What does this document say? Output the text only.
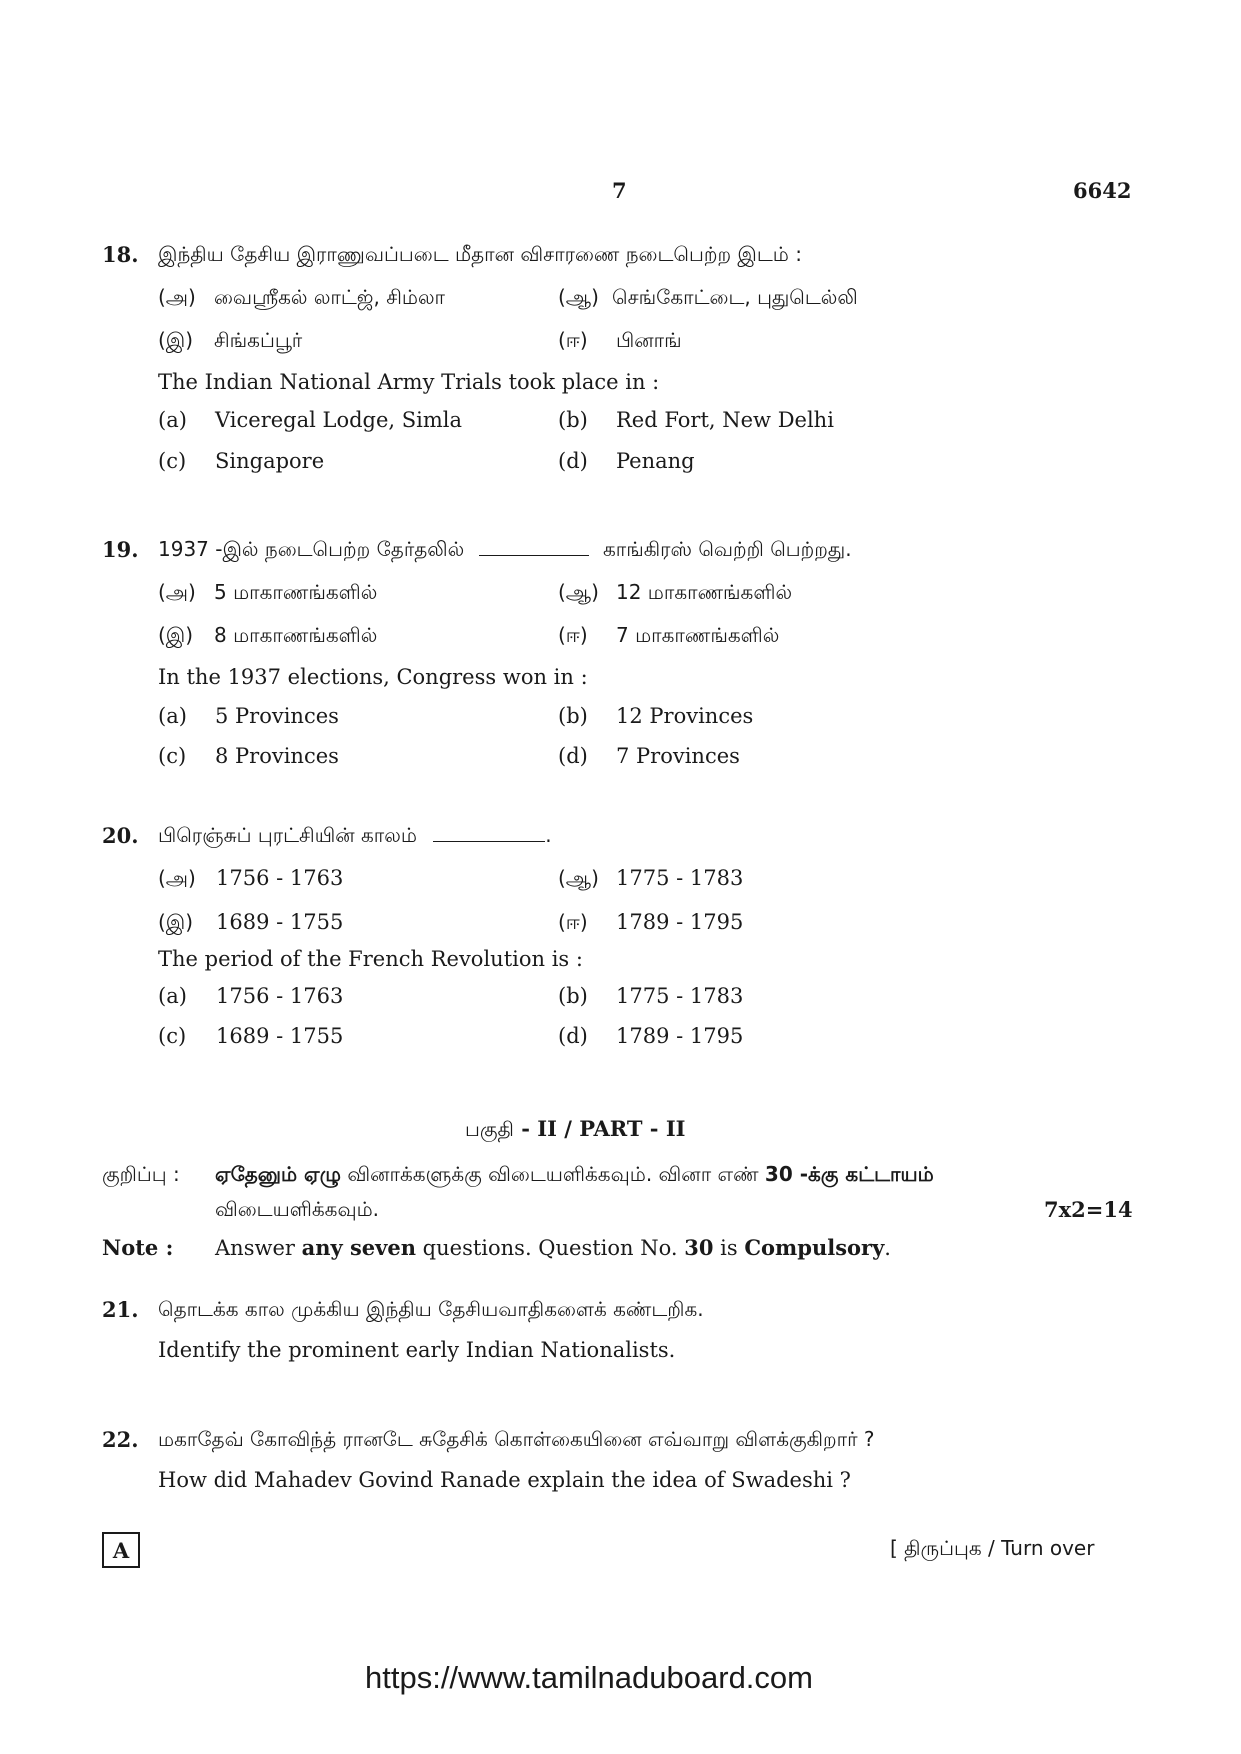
7	6642
18. இந்திய தேசிய இராணுவப்படை மீதான விசாரணை நடைபெற்ற இடம் :
(அ) வைஸ்ரீகல் லாட்ஜ், சிம்லா	(ஆ) செங்கோட்டை, புதுடெல்லி
(இ) சிங்கப்பூர்	(ஈ) பினாங்
The Indian National Army Trials took place in :
(a) Viceregal Lodge, Simla	(b) Red Fort, New Delhi
(c) Singapore	(d) Penang
19. 1937 -இல் நடைபெற்ற தேர்தலில்	காங்கிரஸ் வெற்றி பெற்றது.
(அ) 5 மாகாணங்களில்	(ஆ) 12 மாகாணங்களில்
(இ) 8 மாகாணங்களில்	(ஈ) 7 மாகாணங்களில்
In the 1937 elections, Congress won in :
(a) 5 Provinces	(b) 12 Provinces
(c) 8 Provinces	(d) 7 Provinces
20. பிரெஞ்சுப் புரட்சியின் காலம்	.
(அ) 1756 - 1763	(ஆ) 1775 - 1783
(இ) 1689 - 1755	(ஈ) 1789 - 1795
The period of the French Revolution is :
(a) 1756 - 1763	(b) 1775 - 1783
(c) 1689 - 1755	(d) 1789 - 1795
பகுதி - II / PART - II
குறிப்பு : ஏதேனும் ஏழு வினாக்களுக்கு விடையளிக்கவும். வினா எண் 30 -க்கு கட்டாயம்
விடையளிக்கவும்.	7x2=14
Note : Answer any seven questions. Question No. 30 is Compulsory.
21. தொடக்க கால முக்கிய இந்திய தேசியவாதிகளைக் கண்டறிக.
Identify the prominent early Indian Nationalists.
22. மகாதேவ் கோவிந்த் ரானடே சுதேசிக் கொள்கையினை எவ்வாறு விளக்குகிறார் ?
How did Mahadev Govind Ranade explain the idea of Swadeshi ?
A	[ திருப்புக / Turn over
https://www.tamilnaduboard.com
